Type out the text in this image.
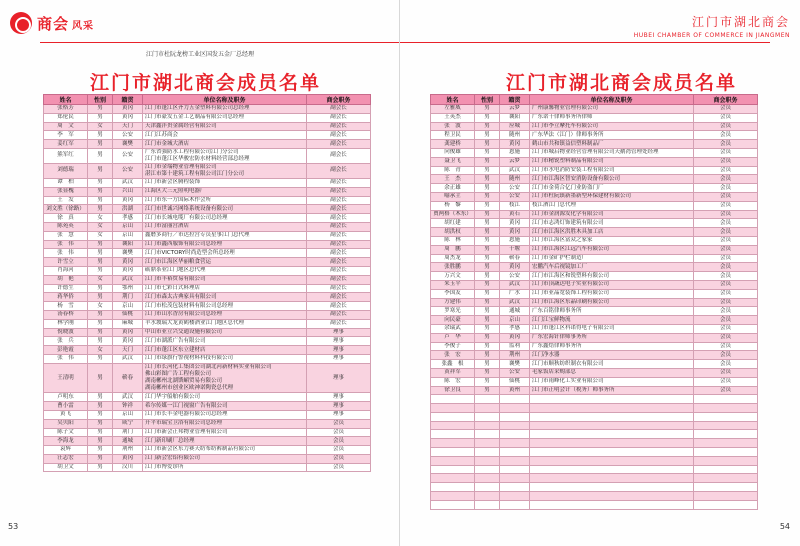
商会 风采
江门市杜阮龙榜工业区国发五金厂总经理
江门市湖北商会成员名单
姓名	性别	籍贯	单位名称及职务	商会职务
张格芳	男	黄冈	江门市蓬江区齐力五金塑料有限公司总经理	副会长
郑伦民	男	黄冈	江门市豪发五金工艺制品有限公司总经理	副会长
周　文	女	天门	天津鑫沣贵金属经营有限公司	副会长
李　军	男	公安	江门江苏商会	副会长
姜红军	男	襄樊	江门市金城大酒店	副会长
熊军红	男	公安	广东省强防水工程有限公司江门分公司
江门市蓬江区华骏宏防水材料经营部总经理	副会长
刘德瑞	男	公安	江门市金端物业管理有限公司
湛江市第十建筑工程有限公司江门分公司	副会长
谭　柏	男	武汉	江门市新会区腾程装饰	副会长
张显槐	男	兴山	江海区大三元照明电器厂	副会长
王　发	男	黄冈	江门市东一方国际木作会所	副会长
刘文胜（徐路）	男	洪湖	江门市世诚兴网络系统设备有限公司	副会长
徐　真	女	孝感	江门市长城电缆厂有限公司总经理	副会长
陈苑英	女	京山	江门市富丽宫酒店	副会长
张　慧	女	京山	鑫磨多商行／市达拉宫专员星事江门总代理	副会长
张　伟	男	襄阳	江门市鑫西服饰有限公司总经理	副会长
张　伟	男	襄樊	江门市VICTORY时尚造型会所总经理	副会长
许雪立	男	黄冈	江门市江海区华丽粮食营运	副会长
肖海河	男	黄冈	砺鼎茶业江门地区总代理	副会长
胡　艳	女	武汉	江门市丰裕贸易有限公司	副会长
许德生	男	鄂州	江门市七彩日式料理店	副会长
蒋华侨	男	荆门	江门市森太古典家具有限公司	副会长
杨　雪	女	京山	江门市松茂包装材料有限公司总经理	副会长
汤春桥	男	仙桃	江门市山水香房有限公司总经理	副会长
林学刚	男	麻城	羊水坡瑞大龙黄鹤楼酒业江门地区总代理	副会长
倪晓波	男	黄冈	中山市亚立兴交通设施有限公司	理事
张　兵	男	黄冈	江门市湖派广告有限公司	理事
彭艳霞	女	天门	江门市蓬江区东立建材店	理事
张　伟	男	武汉	江门市绿旗行警视材料科技有限公司	理事
王清明	男	蕲春	江门市长河化工集团公司湖北河新材料实业有限公司
佛山彩图广告工程有限公司
湖南郴州北湖馔嵋贸易有限公司
湖南郴州市创业区欧神诺陶瓷总代理	理事
卢明东	男	武汉	江门华宇船舶有限公司	理事
曹小雷	男	钟祥	希尔传媒一江门视窗广告有限公司	理事
黄飞	男	京山	江门市长丰金电器有限公司总经理	理事
吴贝阳	男	咸宁	开平市瑞宝卫浴有限公司总经理	会员
陈子文	男	荆门	江门市新会正邦物业管理有限公司	会员
李海龙	男	通城	江门新印刷厂总经理	会员
袁辉	男	荆州	江门市新会区东力赛天纺布纺裤制品有限公司	会员
汪志宏	男	黄冈	江门新会宏铝有限公司	会员
胡卫文	男	汉川	江门市博爱诊所	会员
53
江门市湖北商会
HUBEI CHAMBER OF COMMERCE IN JIANGMEN
江门市湖北商会成员名单
姓名	性别	籍贯	单位名称及职务	商会职务
左雅威	男	云梦	广州康馨物业管理有限公司	会员
王英杰	男	襄阳	广东诺千律师事务所律师	会员
张　波	男	应城	江门市李立摩托车有限公司	会员
程卫民	男	随州	广东华法（江门）律师事务所	会员
龚建桥	男	黄冈	鹤山市共和镇益信塑料制品厂	会员
向俊雄	男	恩施	江门市城启物业经营管理有限公司天鹅湾管理处经理	会员
聂卫飞	男	云梦	江门市精锐塑料制品有限公司	会员
陈　青	男	武汉	江门市水电消防安装工程有限公司	会员
王　杰	男	随州	江门市江海区智安消防设备有限公司	会员
余正雄	男	公安	江门市金荷合亿门业防盗门厂	会员
喻承主	男	公安	江门市杜阮镇新墨新型环保建材有限公司	会员
杨　黎	男	枝江	枝江酒江门总代理	会员
贾两格（木东）	男	黄石	江门市金润源发化学有限公司	会员
胡红建	男	黄冈	江门市志鸿灯饰建筑有限公司	会员
胡洪权	男	黄冈	江门市江海区洪胜木具加工店	会员
陈　林	男	恩施	江门市江海区富众之家家	会员
周　鹏	男	十堰	江门市江海区江远汽车有限公司	会员
周杰龙	男	蕲春	江门市金矿护栏制造厂	会员
张胜鹏	男	黄冈	宏鹏汽车后视镜加工厂	会员
万兴文	男	公安	江门市江海区和锐塑料有限公司	会员
朱玉平	男	武汉	江门市顶蔬达电子实业有限公司	会员
李国友	男	广水	江门市亚晶宽装饰工程有限公司	会员
方建伟	男	武汉	江门市江海区东晶印刷有限公司	会员
罗寒光	男	通城	广东百铭律师事务所	会员
向民豪	男	京山	江门江宝鲜物流	会员
余瑞武	男	孝感	江门市蓬江区科诺得电子有限公司	会员
卢　华	男	黄冈	广东宏海针律师事务所	会员
李俊子	男	监利	广东鑫焙律师事务所	会员
张　宏	男	荆州	江门净水器	会员
张鑫　根	男	襄樊	江门市顺秋纺织制衣有限公司	会员
黄祥军	男	公安	毛家饭店采购部总	会员
陈　宏	男	仙桃	江门市雨峰化工实业有限公司	会员
徐卫良	男	黄州	江门市正明会计（税务）师事务所	会员

54
